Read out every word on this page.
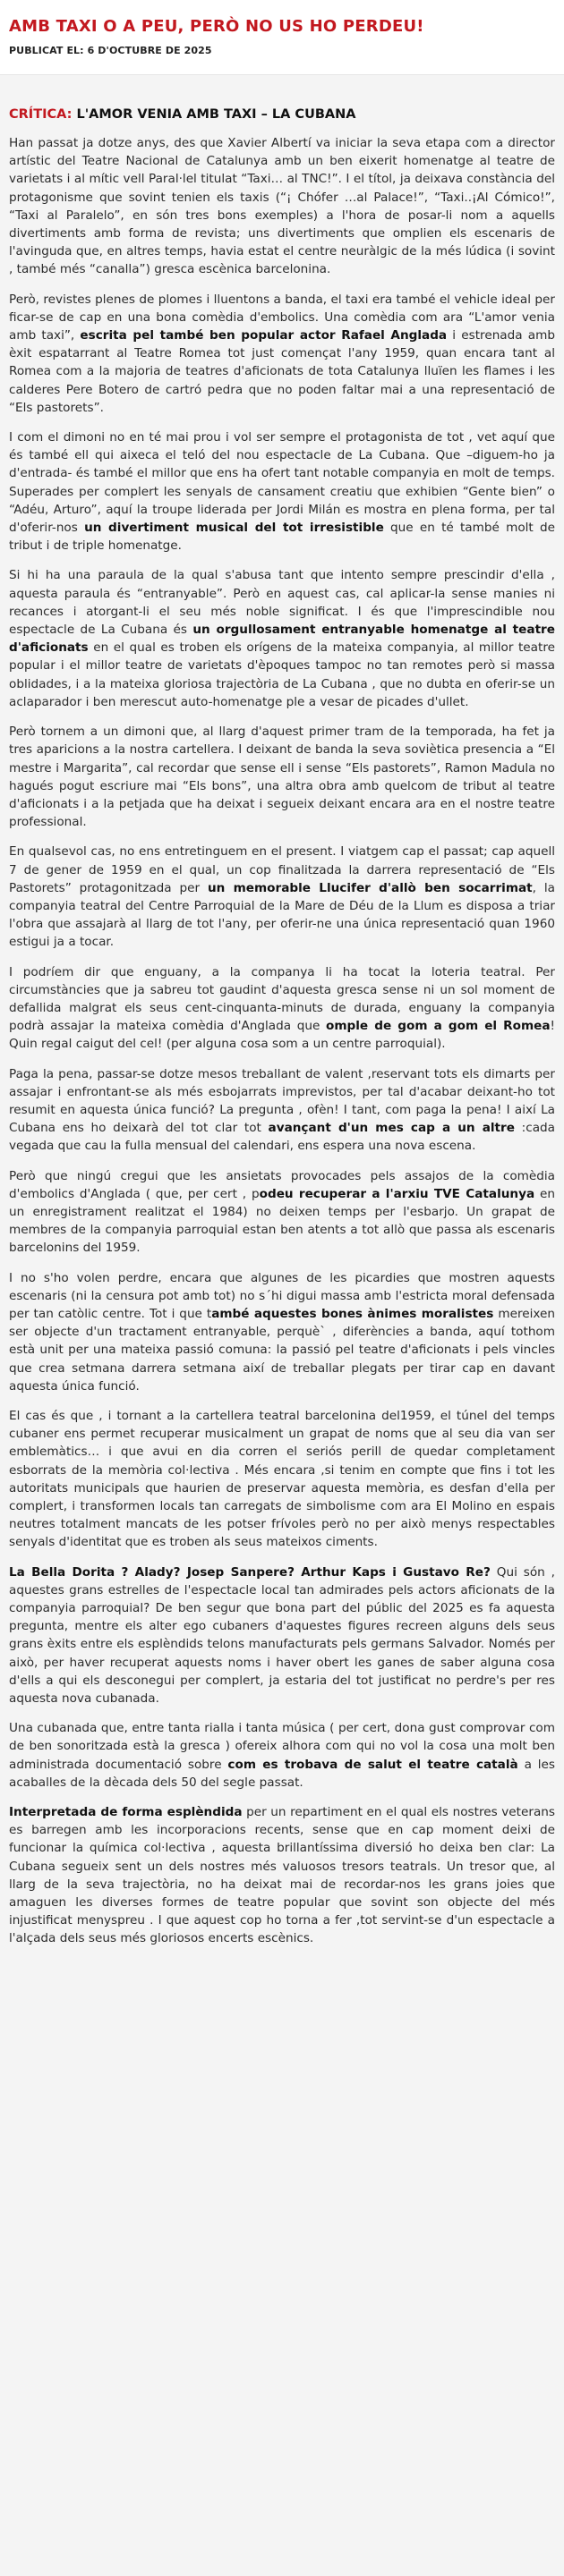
AMB TAXI O A PEU, PERÒ NO US HO PERDEU!
PUBLICAT EL: 6 D'OCTUBRE DE 2025
CRÍTICA: L'AMOR VENIA AMB TAXI – LA CUBANA

Han passat ja dotze anys, des que Xavier Albertí va iniciar la seva etapa com a director artístic del Teatre Nacional de Catalunya amb un ben eixerit homenatge al teatre de varietats i al mític vell Paral·lel titulat “Taxi… al TNC!”. I el títol, ja deixava constància del protagonisme que sovint tenien els taxis (“¡ Chófer …al Palace!”, “Taxi..¡Al Cómico!”, “Taxi al Paralelo”, en són tres bons exemples) a l'hora de posar-li nom a aquells divertiments amb forma de revista; uns divertiments que omplien els escenaris de l'avinguda que, en altres temps, havia estat el centre neuràlgic de la més lúdica (i sovint , també més “canalla”) gresca escènica barcelonina.

Però, revistes plenes de plomes i lluentons a banda, el taxi era també el vehicle ideal per ficar-se de cap en una bona comèdia d'embolics. Una comèdia com ara “L'amor venia amb taxi”, escrita pel també ben popular actor Rafael Anglada i estrenada amb èxit espatarrant al Teatre Romea tot just començat l'any 1959, quan encara tant al Romea com a la majoria de teatres d'aficionats de tota Catalunya lluïen les flames i les calderes Pere Botero de cartró pedra que no poden faltar mai a una representació de “Els pastorets”.

I com el dimoni no en té mai prou i vol ser sempre el protagonista de tot , vet aquí que és també ell qui aixeca el teló del nou espectacle de La Cubana. Que –diguem-ho ja d'entrada- és també el millor que ens ha ofert tant notable companyia en molt de temps. Superades per complert les senyals de cansament creatiu que exhibien “Gente bien” o “Adéu, Arturo”, aquí la troupe liderada per Jordi Milán es mostra en plena forma, per tal d'oferir-nos un divertiment musical del tot irresistible que en té també molt de tribut i de triple homenatge.

Si hi ha una paraula de la qual s'abusa tant que intento sempre prescindir d'ella , aquesta paraula és “entranyable”. Però en aquest cas, cal aplicar-la sense manies ni recances i atorgant-li el seu més noble significat. I és que l'imprescindible nou espectacle de La Cubana és un orgullosament entranyable homenatge al teatre d'aficionats en el qual es troben els orígens de la mateixa companyia, al millor teatre popular i el millor teatre de varietats d'èpoques tampoc no tan remotes però si massa oblidades, i a la mateixa gloriosa trajectòria de La Cubana , que no dubta en oferir-se un aclaparador i ben merescut auto-homenatge ple a vesar de picades d'ullet.

Però tornem a un dimoni que, al llarg d'aquest primer tram de la temporada, ha fet ja tres aparicions a la nostra cartellera. I deixant de banda la seva soviètica presencia a “El mestre i Margarita”, cal recordar que sense ell i sense “Els pastorets”, Ramon Madula no hagués pogut escriure mai “Els bons”, una altra obra amb quelcom de tribut al teatre d'aficionats i a la petjada que ha deixat i segueix deixant encara ara en el nostre teatre professional.

En qualsevol cas, no ens entretinguem en el present. I viatgem cap el passat; cap aquell 7 de gener de 1959 en el qual, un cop finalitzada la darrera representació de “Els Pastorets” protagonitzada per un memorable Llucifer d'allò ben socarrimat, la companyia teatral del Centre Parroquial de la Mare de Déu de la Llum es disposa a triar l'obra que assajarà al llarg de tot l'any, per oferir-ne una única representació quan 1960 estigui ja a tocar.

I podríem dir que enguany, a la companya li ha tocat la loteria teatral. Per circumstàncies que ja sabreu tot gaudint d'aquesta gresca sense ni un sol moment de defallida malgrat els seus cent-cinquanta-minuts de durada, enguany la companyia podrà assajar la mateixa comèdia d'Anglada que omple de gom a gom el Romea! Quin regal caigut del cel! (per alguna cosa som a un centre parroquial).

Paga la pena, passar-se dotze mesos treballant de valent ,reservant tots els dimarts per assajar i enfrontant-se als més esbojarrats imprevistos, per tal d'acabar deixant-ho tot resumit en aquesta única funció? La pregunta , ofèn! I tant, com paga la pena! I així La Cubana ens ho deixarà del tot clar tot avançant d'un mes cap a un altre :cada vegada que cau la fulla mensual del calendari, ens espera una nova escena.

Però que ningú cregui que les ansietats provocades pels assajos de la comèdia d'embolics d'Anglada ( que, per cert , podeu recuperar a l'arxiu TVE Catalunya en un enregistrament realitzat el 1984) no deixen temps per l'esbarjo. Un grapat de membres de la companyia parroquial estan ben atents a tot allò que passa als escenaris barcelonins del 1959.

I no s'ho volen perdre, encara que algunes de les picardies que mostren aquests escenaris (ni la censura pot amb tot) no s´hi digui massa amb l'estricta moral defensada per tan catòlic centre. Tot i que també aquestes bones ànimes moralistes mereixen ser objecte d'un tractament entranyable, perquè` , diferències a banda, aquí tothom està unit per una mateixa passió comuna: la passió pel teatre d'aficionats i pels vincles que crea setmana darrera setmana així de treballar plegats per tirar cap en davant aquesta única funció.

El cas és que , i tornant a la cartellera teatral barcelonina del1959, el túnel del temps cubaner ens permet recuperar musicalment un grapat de noms que al seu dia van ser emblemàtics… i que avui en dia corren el seriós perill de quedar completament esborrats de la memòria col·lectiva . Més encara ,si tenim en compte que fins i tot les autoritats municipals que haurien de preservar aquesta memòria, es desfan d'ella per complert, i transformen locals tan carregats de simbolisme com ara El Molino en espais neutres totalment mancats de les potser frívoles però no per això menys respectables senyals d'identitat que es troben als seus mateixos ciments.

La Bella Dorita ? Alady? Josep Sanpere? Arthur Kaps i Gustavo Re? Qui són , aquestes grans estrelles de l'espectacle local tan admirades pels actors aficionats de la companyia parroquial? De ben segur que bona part del públic del 2025 es fa aquesta pregunta, mentre els alter ego cubaners d'aquestes figures recreen alguns dels seus grans èxits entre els esplèndids telons manufacturats pels germans Salvador. Només per això, per haver recuperat aquests noms i haver obert les ganes de saber alguna cosa d'ells a qui els desconegui per complert, ja estaria del tot justificat no perdre's per res aquesta nova cubanada.

Una cubanada que, entre tanta rialla i tanta música ( per cert, dona gust comprovar com de ben sonoritzada està la gresca ) ofereix alhora com qui no vol la cosa una molt ben administrada documentació sobre com es trobava de salut el teatre català a les acaballes de la dècada dels 50 del segle passat.

Interpretada de forma esplèndida per un repartiment en el qual els nostres veterans es barregen amb les incorporacions recents, sense que en cap moment deixi de funcionar la química col·lectiva , aquesta brillantíssima diversió ho deixa ben clar: La Cubana segueix sent un dels nostres més valuosos tresors teatrals. Un tresor que, al llarg de la seva trajectòria, no ha deixat mai de recordar-nos les grans joies que amaguen les diverses formes de teatre popular que sovint son objecte del més injustificat menyspreu . I que aquest cop ho torna a fer ,tot servint-se d'un espectacle a l'alçada dels seus més gloriosos encerts escènics.
